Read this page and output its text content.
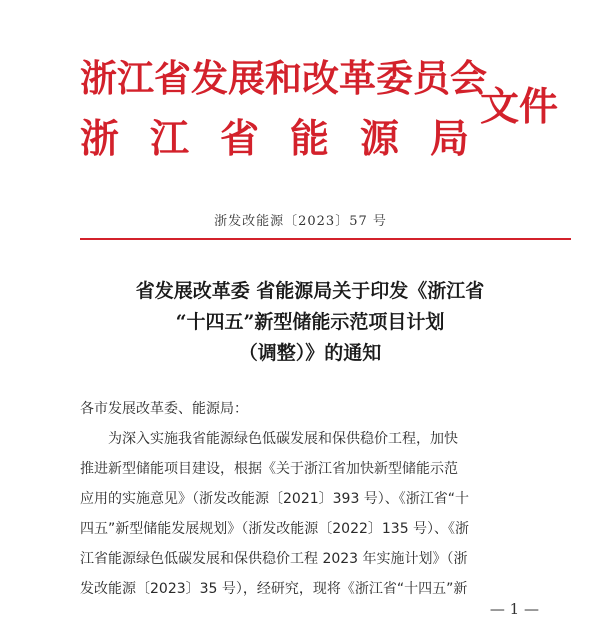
浙江省发展和改革委员会
浙江省能源局
文件
浙发改能源〔2023〕57 号
省发展改革委 省能源局关于印发《浙江省
“十四五”新型储能示范项目计划
（调整）》的通知
各市发展改革委、能源局：
为深入实施我省能源绿色低碳发展和保供稳价工程，加快
推进新型储能项目建设，根据《关于浙江省加快新型储能示范
应用的实施意见》（浙发改能源〔2021〕393 号）、《浙江省“十
四五”新型储能发展规划》（浙发改能源〔2022〕135 号）、《浙
江省能源绿色低碳发展和保供稳价工程 2023 年实施计划》（浙
发改能源〔2023〕35 号），经研究，现将《浙江省“十四五”新
— 1 —
